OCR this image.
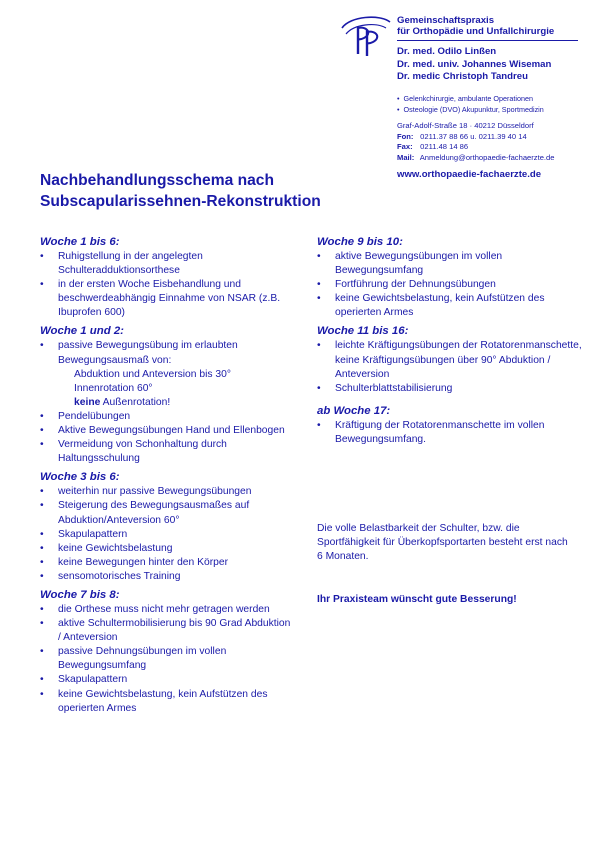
Gemeinschaftspraxis
für Orthopädie und Unfallchirurgie
Dr. med. Odilo Linßen
Dr. med. univ. Johannes Wiseman
Dr. medic Christoph Tandreu
• Gelenkchirurgie, ambulante Operationen
• Osteologie (DVO) Akupunktur, Sportmedizin
Graf-Adolf-Straße 18 · 40212 Düsseldorf
Fon: 0211.37 88 66 u. 0211.39 40 14
Fax: 0211.48 14 86
Mail: Anmeldung@orthopaedie-fachaerzte.de
www.orthopaedie-fachaerzte.de
Nachbehandlungsschema nach
Subscapularissehnen-Rekonstruktion
Woche 1 bis 6:
• Ruhigstellung in der angelegten Schulteradduktionsorthese
• in der ersten Woche Eisbehandlung und beschwerdeabhängig Einnahme von NSAR (z.B. Ibuprofen 600)
Woche 1 und 2:
• passive Bewegungsübung im erlaubten Bewegungsausmaß von:
Abduktion und Anteversion bis 30°
Innenrotation 60°
keine Außenrotation!
• Pendelübungen
• Aktive Bewegungsübungen Hand und Ellenbogen
• Vermeidung von Schonhaltung durch Haltungsschulung
Woche 3 bis 6:
• weiterhin nur passive Bewegungsübungen
• Steigerung des Bewegungsausmaßes auf Abduktion/Anteversion 60°
• Skapulapattern
• keine Gewichtsbelastung
• keine Bewegungen hinter den Körper
• sensomotorisches Training
Woche 7 bis 8:
• die Orthese muss nicht mehr getragen werden
• aktive Schultermobilisierung bis 90 Grad Abduktion / Anteversion
• passive Dehnungsübungen im vollen Bewegungsumfang
• Skapulapattern
• keine Gewichtsbelastung, kein Aufstützen des operierten Armes
Woche 9 bis 10:
• aktive Bewegungsübungen im vollen Bewegungsumfang
• Fortführung der Dehnungsübungen
• keine Gewichtsbelastung, kein Aufstützen des operierten Armes
Woche 11 bis 16:
• leichte Kräftigungsübungen der Rotatorenmanschette, keine Kräftigungsübungen über 90° Abduktion / Anteversion
• Schulterblattstabilisierung
ab Woche 17:
• Kräftigung der Rotatorenmanschette im vollen Bewegungsumfang.
Die volle Belastbarkeit der Schulter, bzw. die Sportfähigkeit für Überkopfsportarten besteht erst nach 6 Monaten.
Ihr Praxisteam wünscht gute Besserung!
